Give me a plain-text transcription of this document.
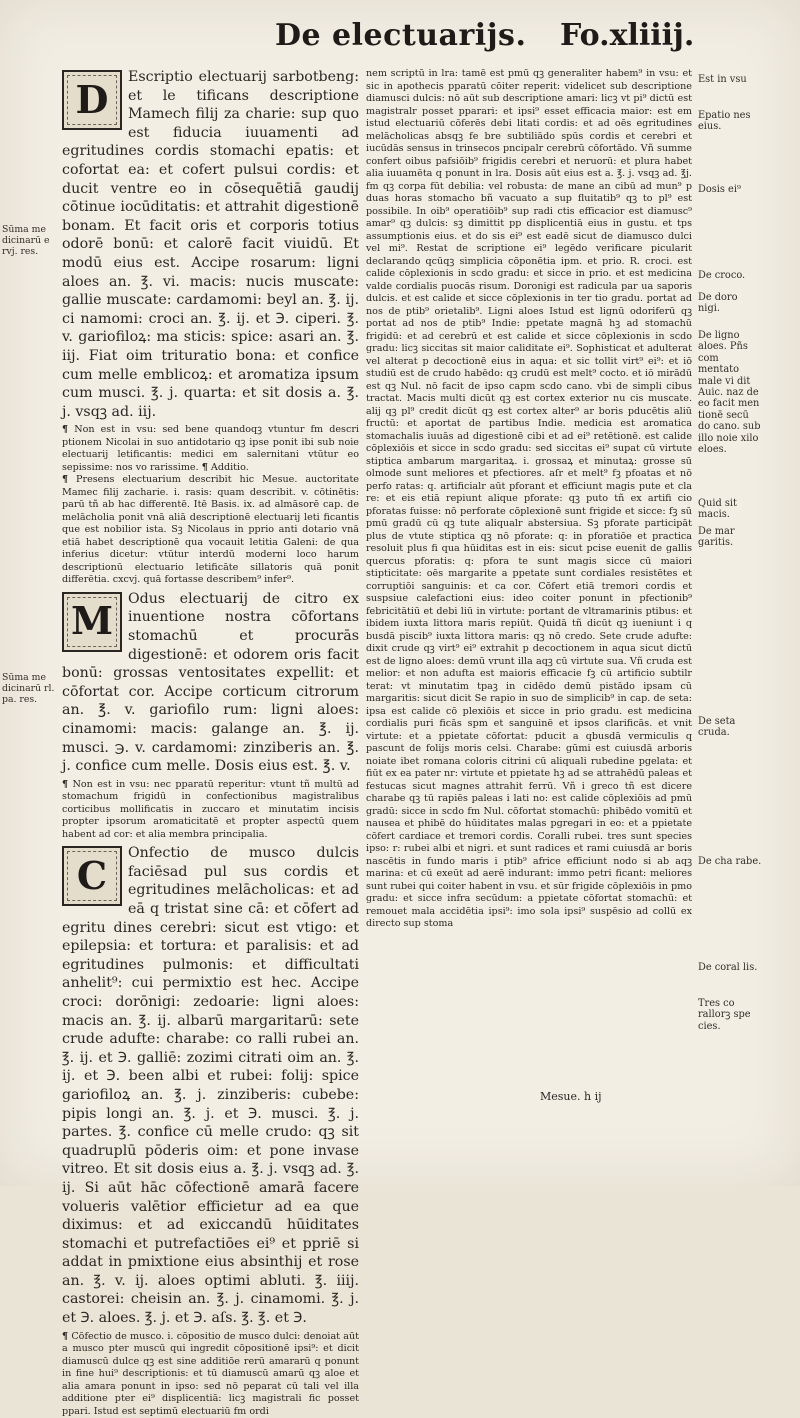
De electuarijs. Fo.xliiij.
Sūma me dicinarū e rvj. res.
Sūma me dicinarū rl. pa. res.

D	Escriptio electuarij sarbotbeng: et le tificans descriptione Mamech filij za charie: sup quo est fiducia iuuamenti ad egritudines cordis stomachi epatis: et cofortat ea: et cofert pulsui cordis: et ducit ventre eo in cōsequētiā gaudij cōtinue iocūditatis: et attrahit digestionē bonam. Et facit oris et corporis totius odorē bonū: et calorē facit viuidū. Et modū eius est. Accipe rosarum: ligni aloes an. ℥. vi. macis: nucis muscate: gallie muscate: cardamomi: beyl an. ℥. ij. ci namomi: croci an. ℥. ij. et ℈. ciperi. ℥. v. gariofiloꝝ: ma sticis: spice: asari an. ℥. iij. Fiat oim trituratio bona: et confice cum melle emblicoꝝ: et aromatiza ipsum cum musci. ℥. j. quarta: et sit dosis a. ℥. j. vsqꝫ ad. iij.

¶ Non est in vsu: sed bene quandoqꝫ vtuntur fm descri ptionem Nicolai in suo antidotario qꝫ ipse ponit ibi sub noie electuarij letificantis: medici em salernitani vtūtur eo sepissime: nos vo rarissime. ¶ Additio.

¶ Presens electuarium describit hic Mesue. auctoritate Mamec filij zacharie. i. rasis: quam describit. v. cōtinētis: parū tñ ab hac differentē. Itē Basis. ix. ad almāsorē cap. de melācholia ponit vnā aliā descriptionē electuarij leti ficantis que est nobilior ista. Sꝫ Nicolaus in pprio anti dotario vnā etiā habet descriptionē qua vocauit letitia Galeni: de qua inferius dicetur: vtūtur interdū moderni loco harum descriptionū electuario letificāte sillatoris quā ponit differētia. cxcvj. quā fortasse describem⁹ infer⁹.

M	Odus electuarij de citro ex inuentione nostra cōfortans stomachū et procurās digestionē: et odorem oris facit bonū: grossas ventositates expellit: et cōfortat cor. Accipe corticum citrorum an. ℥. v. gariofilo rum: ligni aloes: cinamomi: macis: galange an. ℥. ij. musci. ℈. v. cardamomi: zinziberis an. ℥. j. confice cum melle. Dosis eius est. ℥. v.

¶ Non est in vsu: nec pparatū reperitur: vtunt tñ multū ad stomachum frigidū in confectionibus magistralibus corticibus mollificatis in zuccaro et minutatim incisis propter ipsorum aromaticitatē et propter aspectū quem habent ad cor: et alia membra principalia.

C	Onfectio de musco dulcis faciēsad pul sus cordis et egritudines melācholicas: et ad eā q tristat sine cā: et cōfert ad egritu dines cerebri: sicut est vtigo: et epilepsia: et tortura: et paralisis: et ad egritudines pulmonis: et difficultati anhelit⁹: cui permixtio est hec. Accipe croci: dorōnigi: zedoarie: ligni aloes: macis an. ℥. ij. albarū margaritarū: sete crude adufte: charabe: co ralli rubei an. ℥. ij. et ℈. galliē: zozimi citrati oim an. ℥. ij. et ℈. been albi et rubei: folij: spice gariofiloꝝ an. ℥. j. zinziberis: cubebe: pipis longi an. ℥. j. et ℈. musci. ℥. j. partes. ℥. confice cū melle crudo: qꝫ sit quadruplū pōderis oim: et pone invase vitreo. Et sit dosis eius a. ℥. j. vsqꝫ ad. ℥. ij. Si aūt hāc cōfectionē amarā facere volueris valētior efficietur ad ea que diximus: et ad exiccandū hūiditates stomachi et putrefactiōes ei⁹ et ppriē si addat in pmixtione eius absinthij et rose an. ℥. v. ij. aloes optimi abluti. ℥. iiij. castorei: cheisin an. ℥. j. cinamomi. ℥. j. et ℈. aloes. ℥. j. et ℈. aſs. ℥. ℥. et ℈.

¶ Cōfectio de musco. i. cōpositio de musco dulci: denoiat aūt a musco pter muscū qui ingredit cōpositionē ipsi⁹: et dicit diamuscū dulce qꝫ est sine additiōe rerū amararū q ponunt in fine hui⁹ descriptionis: et tū diamuscū amarū qꝫ aloe et alia amara ponunt in ipso: sed nō peparat cū tali vel illa additione pter ei⁹ displicentiā: licꝫ magistrali fic posset ppari. Istud est septimū electuariū fm ordi

nem scriptū in lra: tamē est pmū qꝫ generaliter habem⁹ in vsu: et sic in apothecis pparatū cōiter reperit: videlicet sub descriptione diamusci dulcis: nō aūt sub descriptione amari: licꝫ vt pi⁹ dictū est magistralr posset pparari: et ipsi⁹ esset efficacia maior: est em istud electuariū cōferēs debi litati cordis: et ad oēs egritudines melācholicas absqꝫ fe bre subtiliādo spūs cordis et cerebri et iucūdās sensus in trinsecos pncipalr cerebrū cōfortādo. Vñ summe confert oibus pafsiōib⁹ frigidis cerebri et neruorū: et plura habet alia iuuamēta q ponunt in lra. Dosis aūt eius est a. ℥. j. vsqꝫ ad. ℥j. fm qꝫ corpa fūt debilia: vel robusta: de mane an cibū ad mun⁹ p duas horas stomacho bñ vacuato a sup fluitatib⁹ qꝫ to pl⁹ est possibile. In oib⁹ operatiōib⁹ sup radi ctis efficacior est diamusc⁹ amar⁹ qꝫ dulcis: sꝫ dimittit pp displicentiā eius in gustu. et tps assumptionis eius. et do sis ei⁹ est eadē sicut de diamusco dulci vel mi⁹. Restat de scriptione ei⁹ legēdo verificare picularit declarando qcūqꝫ simplicia cōponētia ipm. et prio. R. croci. est calide cōplexionis in scdo gradu: et sicce in prio. et est medicina valde cordialis puocās risum. Doronigi est radicula par ua saporis dulcis. et est calide et sicce cōplexionis in ter tio gradu. portat ad nos de ptib⁹ orietalib⁹. Ligni aloes Istud est lignū odoriferū qꝫ portat ad nos de ptib⁹ Indie: ppetate magnā hꝫ ad stomachū frigidū: et ad cerebrū et est calide et sicce cōplexionis in scdo gradu: licꝫ siccitas sit maior caliditate ei⁹. Sophisticat et adulterat vel alterat p decoctionē eius in aqua: et sic tollit virt⁹ ei⁹: et iō studiū est de crudo habēdo: qꝫ crudū est melt⁹ cocto. et iō mirādū est qꝫ Nul. nō facit de ipso capm scdo cano. vbi de simpli cibus tractat. Macis multi dicūt qꝫ est cortex exterior nu cis muscate. alij qꝫ pl⁹ credit dicūt qꝫ est cortex alter⁹ ar boris pducētis aliū fructū: et aportat de partibus Indie. medicia est aromatica stomachalis iuuās ad digestionē cibi et ad ei⁹ retētionē. est calide cōplexiōis et sicce in scdo gradu: sed siccitas ei⁹ supat cū virtute stiptica ambarum margaritaꝝ. i. grossaꝝ et minutaꝝ: grosse sū olmode sunt meliores et pfectiores. aſr et melt⁹ fꝫ pfoatas et nō perfo ratas: q. artificialr aūt pforant et efficiunt magis pute et cla re: et eis etiā repiunt alique pforate: qꝫ puto tñ ex artifi cio pforatas fuisse: nō perforate cōplexionē sunt frigide et sicce: fꝫ sū pmū gradū cū qꝫ tute aliqualr abstersiua. Sꝫ pforate participāt plus de vtute stiptica qꝫ nō pforate: q: in pforatiōe et practica resoluit plus fi qua hūiditas est in eis: sicut pcise euenit de gallis quercus pforatis: q: pfora te sunt magis sicce cū maiori stipticitate: oēs margarite a ppetate sunt cordiales resistētes et corruptiōi sanguinis: et ca cor. Cōfert etiā tremori cordis et suspsiue calefactioni eius: ideo coiter ponunt in pfectionib⁹ febricitātiū et debi liū in virtute: portant de vltramarinis ptibus: et ibidem iuxta littora maris repiūt. Quidā tñ dicūt qꝫ iueniunt i q busdā piscib⁹ iuxta littora maris: qꝫ nō credo. Sete crude adufte: dixit crude qꝫ virt⁹ ei⁹ extrahit p decoctionem in aqua sicut dictū est de ligno aloes: demū vrunt illa aqꝫ cū virtute sua. Vñ cruda est melior: et non adufta est maioris efficacie fꝫ cū artificio subtilr terat: vt minutatim tpaꝫ in cidēdo demū pistādo ipsam cū margaritis: sicut dicit Se rapio in suo de simplicib⁹ in cap. de seta: ipsa est calide cō plexiōis et sicce in prio gradu. est medicina cordialis puri ficās spm et sanguinē et ipsos clarificās. et vnit virtute: et a ppietate cōfortat: pducit a qbusdā vermiculis q pascunt de folijs moris celsi. Charabe: gūmi est cuiusdā arboris noiate ibet romana coloris citrini cū aliquali rubedine pgelata: et fiūt ex ea pater nr: virtute et ppietate hꝫ ad se attrahēdū paleas et festucas sicut magnes attrahit ferrū. Vñ i greco tñ est dicere charabe qꝫ tū rapiēs paleas i lati no: est calide cōplexiōis ad pmū gradū: sicce in scdo fm Nul. cōfortat stomachū: phibēdo vomitū et nausea et phibē do hūiditates malas pgregari in eo: et a ppietate cōfert cardiace et tremori cordis. Coralli rubei. tres sunt species ipso: r: rubei albi et nigri. et sunt radices et rami cuiusdā ar boris nascētis in fundo maris i ptib⁹ africe efficiunt nodo si ab aqꝫ marina: et cū exeūt ad aerē indurant: immo petri ficant: meliores sunt rubei qui coiter habent in vsu. et sūr frigide cōplexiōis in pmo gradu: et sicce infra secūdum: a ppietate cōfortat stomachū: et remouet mala accidētia ipsi⁹: imo sola ipsi⁹ suspēsio ad collū ex directo sup stoma

Est in vsu
Epatio nes eius.
Dosis ei⁹
De croco.
De doro nigi.
De ligno aloes. Pñs com mentato male vi dit Auic. naz de eo facit men tionē secū do cano. sub illo noie xilo eloes.
Quid sit macis.
De mar garitis.
De seta cruda.
De cha rabe.
De coral lis.
Tres co rallorꝫ spe cies.
Mesue. h ij
